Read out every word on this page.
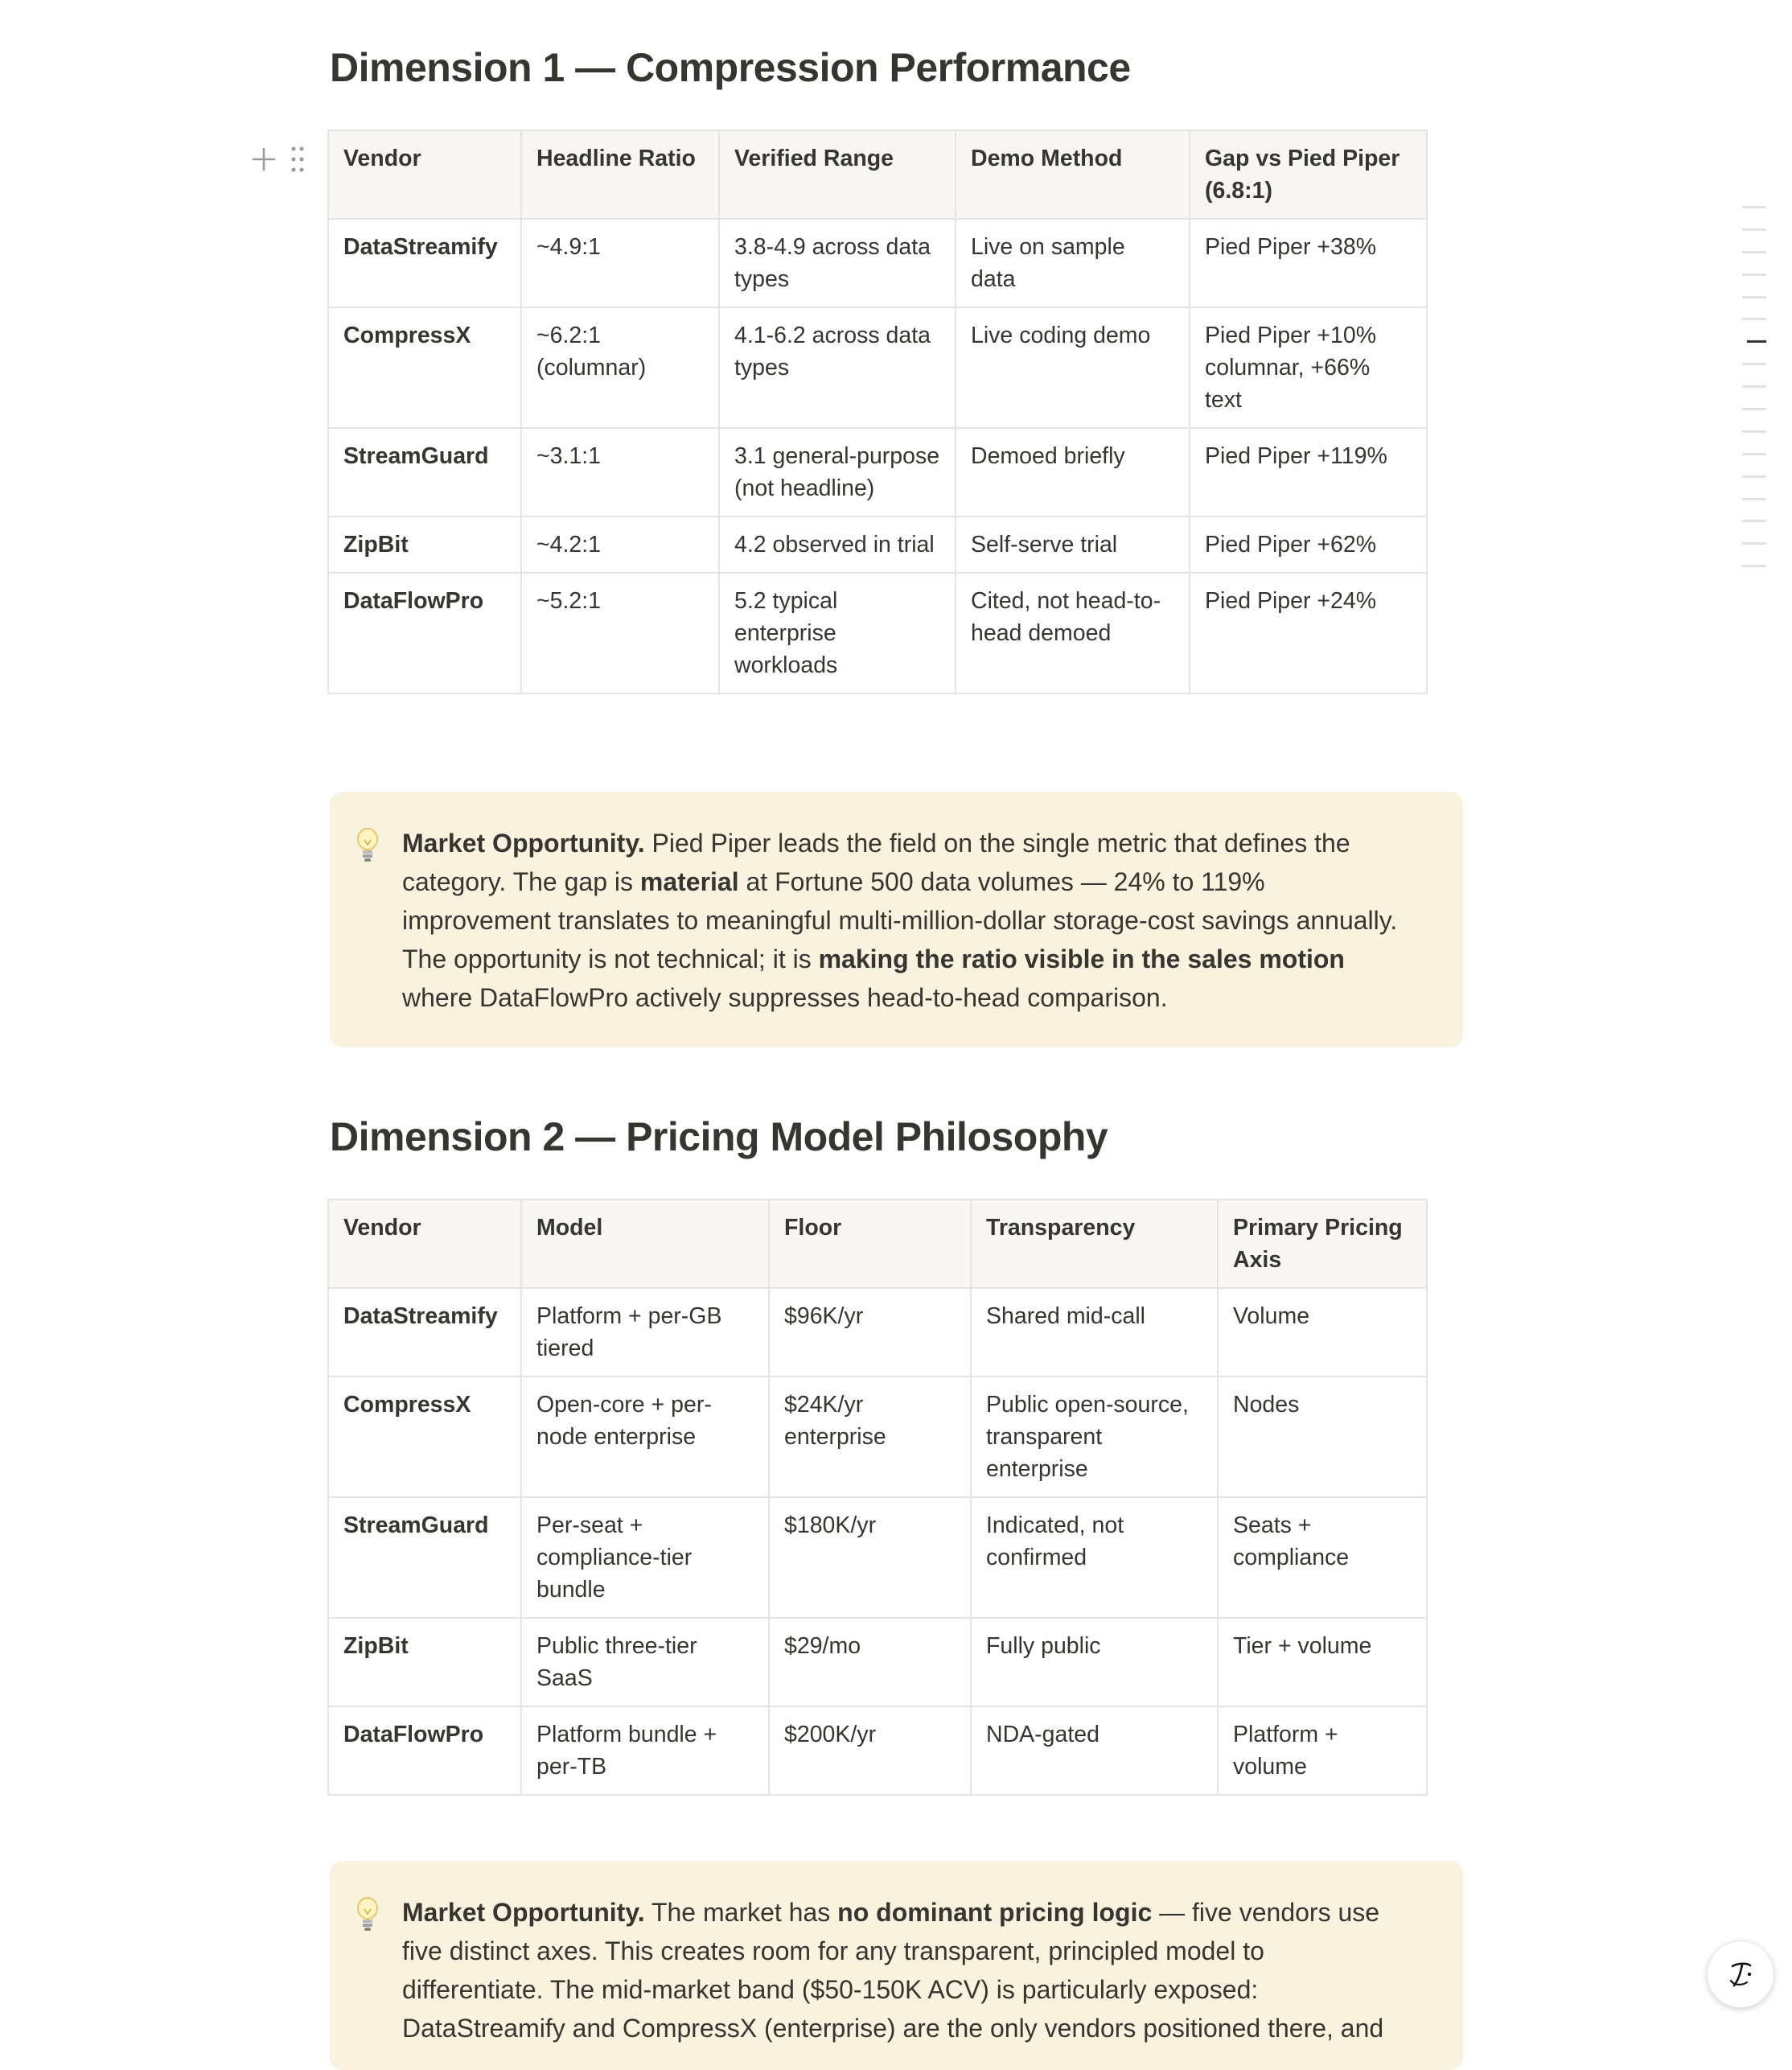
Dimension 1 — Compression Performance
Vendor	Headline Ratio	Verified Range	Demo Method	Gap vs Pied Piper (6.8:1)
DataStreamify	~4.9:1	3.8-4.9 across data types	Live on sample data	Pied Piper +38%
CompressX	~6.2:1 (columnar)	4.1-6.2 across data types	Live coding demo	Pied Piper +10% columnar, +66% text
StreamGuard	~3.1:1	3.1 general-purpose (not headline)	Demoed briefly	Pied Piper +119%
ZipBit	~4.2:1	4.2 observed in trial	Self-serve trial	Pied Piper +62%
DataFlowPro	~5.2:1	5.2 typical enterprise workloads	Cited, not head-to-head demoed	Pied Piper +24%
Market Opportunity. Pied Piper leads the field on the single metric that defines the category. The gap is material at Fortune 500 data volumes — 24% to 119% improvement translates to meaningful multi-million-dollar storage-cost savings annually. The opportunity is not technical; it is making the ratio visible in the sales motion where DataFlowPro actively suppresses head-to-head comparison.
Dimension 2 — Pricing Model Philosophy
Vendor	Model	Floor	Transparency	Primary Pricing Axis
DataStreamify	Platform + per-GB tiered	$96K/yr	Shared mid-call	Volume
CompressX	Open-core + per-node enterprise	$24K/yr enterprise	Public open-source, transparent enterprise	Nodes
StreamGuard	Per-seat + compliance-tier bundle	$180K/yr	Indicated, not confirmed	Seats + compliance
ZipBit	Public three-tier SaaS	$29/mo	Fully public	Tier + volume
DataFlowPro	Platform bundle + per-TB	$200K/yr	NDA-gated	Platform + volume
Market Opportunity. The market has no dominant pricing logic — five vendors use five distinct axes. This creates room for any transparent, principled model to differentiate. The mid-market band ($50-150K ACV) is particularly exposed: DataStreamify and CompressX (enterprise) are the only vendors positioned there, and
